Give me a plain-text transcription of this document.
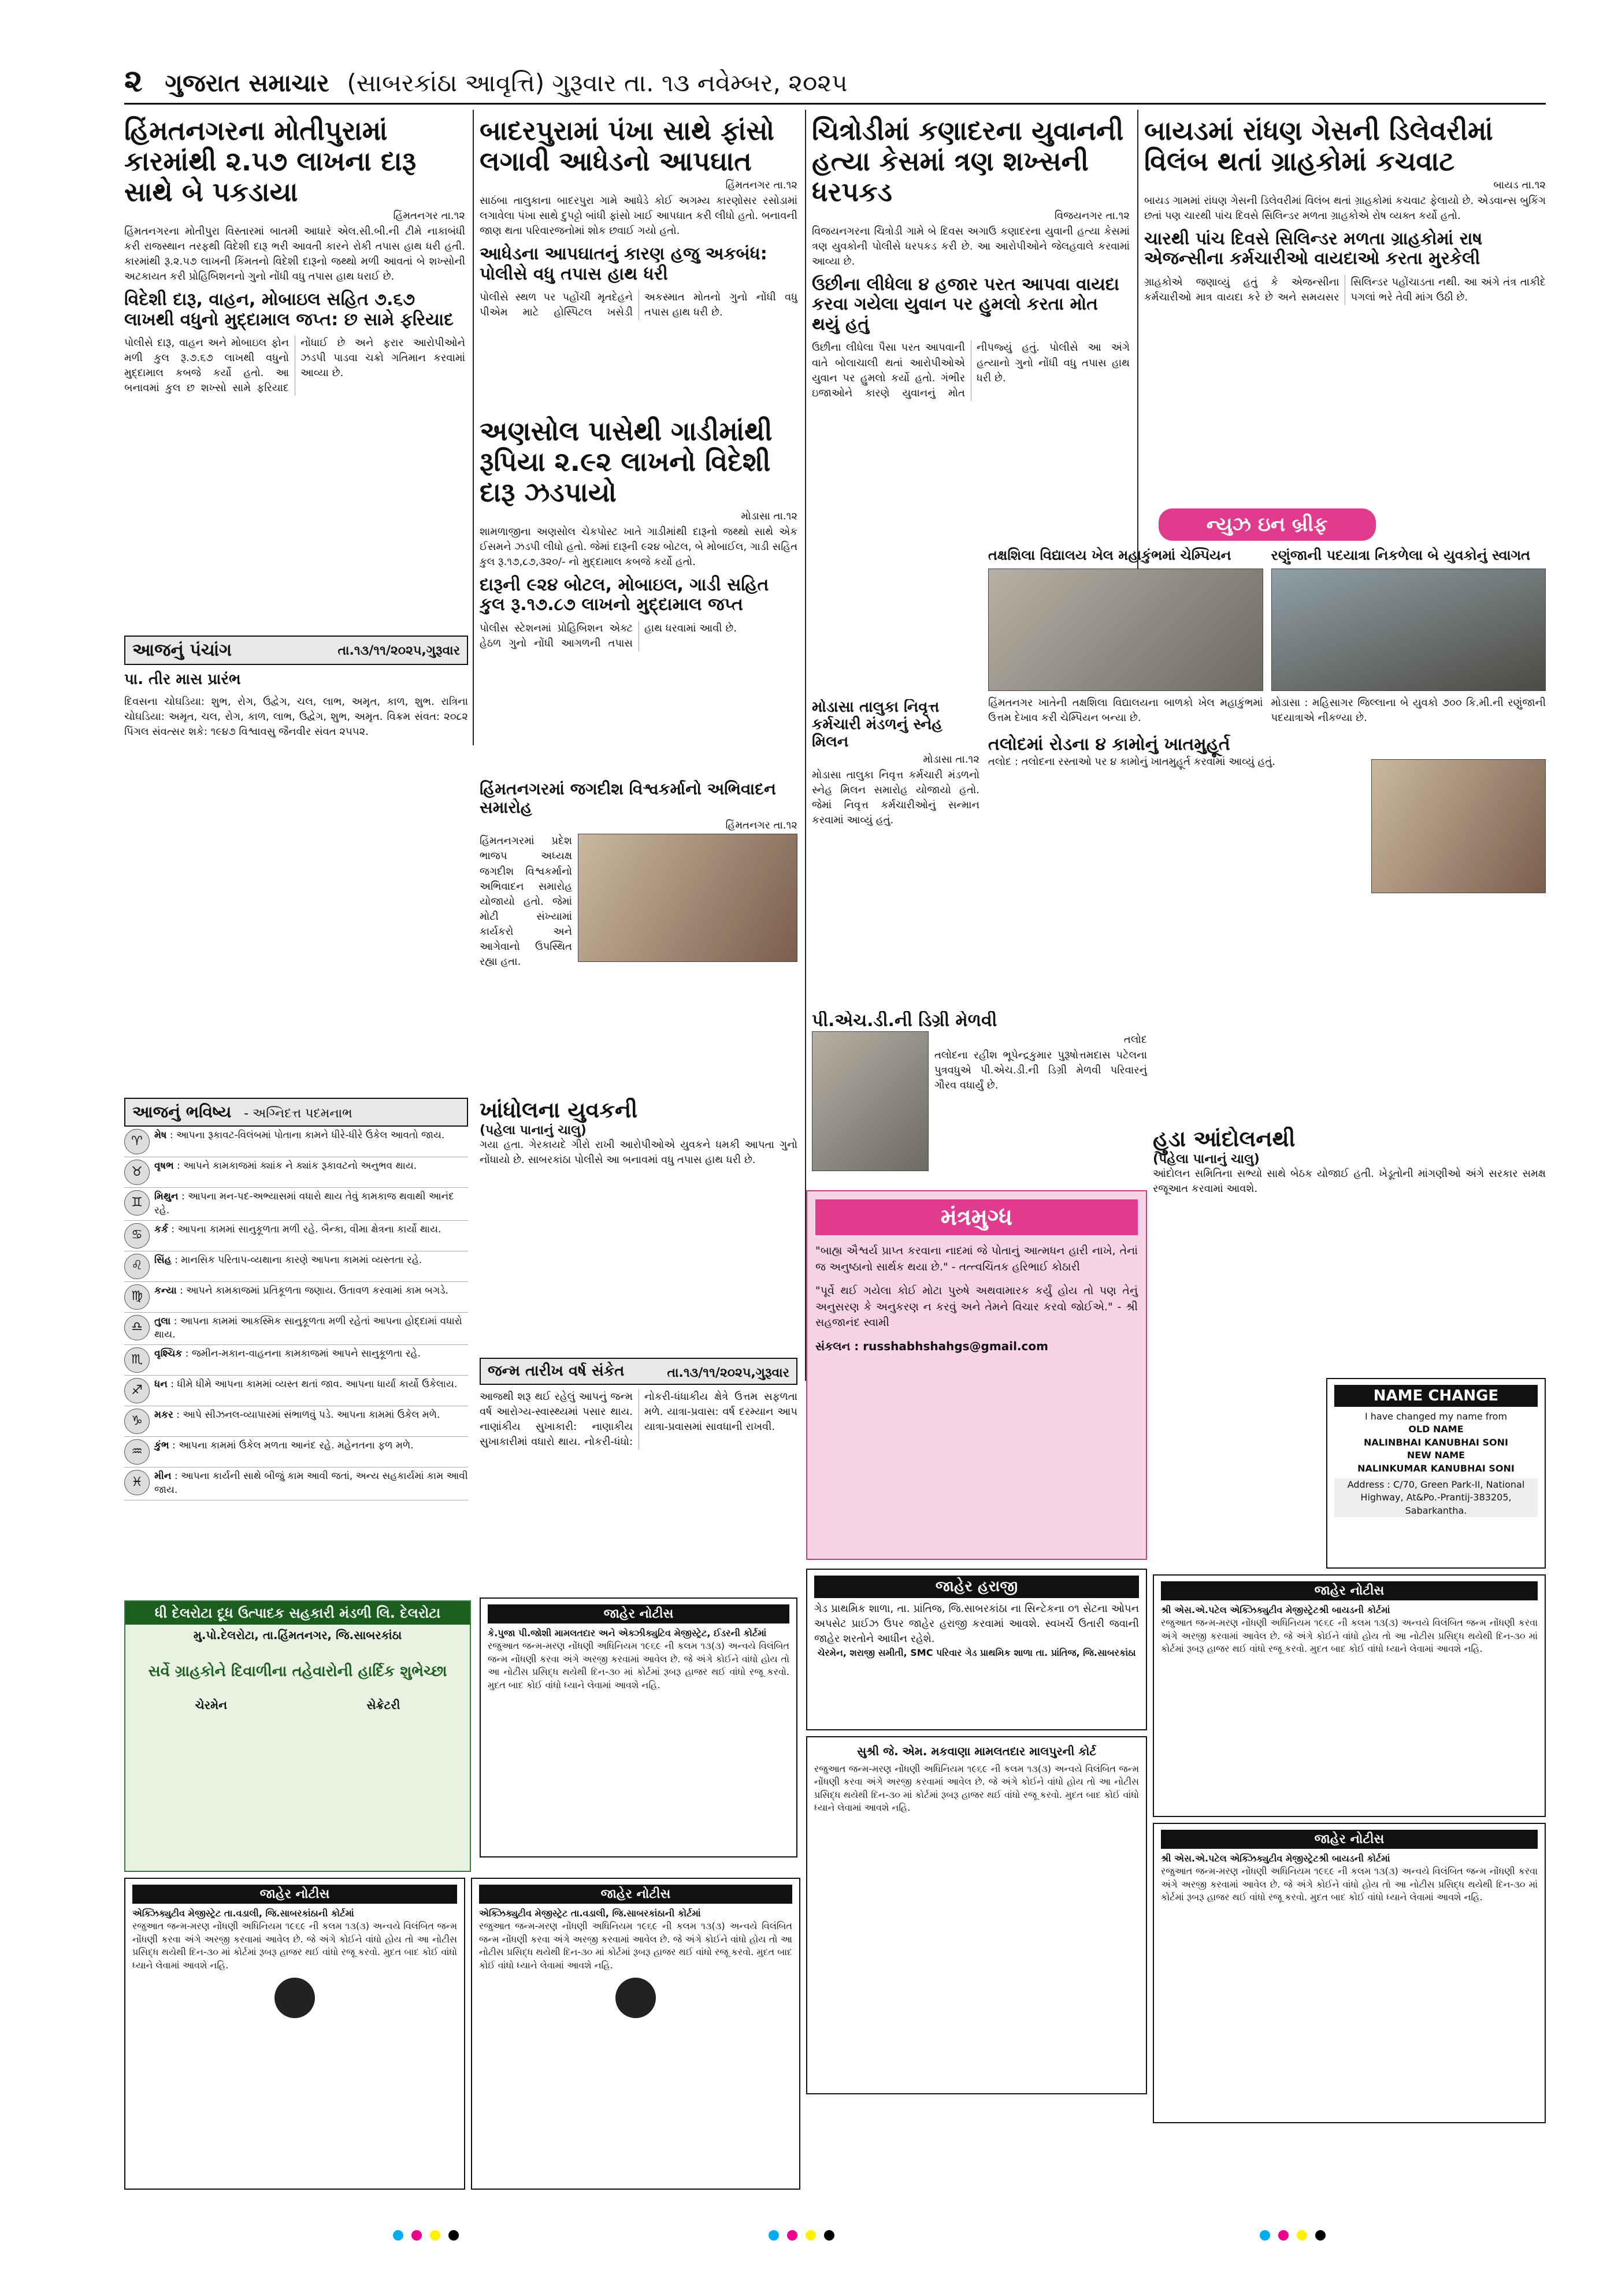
૨ ગુજરાત સમાચાર (સાબરકાંઠા આવૃત્તિ) ગુરૂવાર તા. ૧૩ નવેમ્બર, ૨૦૨૫
હિંમતનગરના મોતીપુરામાં કારમાંથી ૨.૫૭ લાખના દારૂ સાથે બે પકડાયા
હિંમતનગર તા.૧૨
હિંમતનગરના મોતીપુરા વિસ્તારમાં બાતમી આધારે એલ.સી.બી.ની ટીમે નાકાબંધી કરી રાજસ્થાન તરફથી વિદેશી દારૂ ભરી આવતી કારને રોકી તપાસ હાથ ધરી હતી. કારમાંથી રૂ.૨.૫૭ લાખની કિંમતનો વિદેશી દારૂનો જથ્થો મળી આવતાં બે શખ્સોની અટકાયત કરી પ્રોહિબિશનનો ગુનો નોંધી વધુ તપાસ હાથ ધરાઈ છે.
વિદેશી દારૂ, વાહન, મોબાઇલ સહિત ૭.૬૭ લાખથી વધુનો મુદ્દામાલ જપ્ત: છ સામે ફરિયાદ
પોલીસે દારૂ, વાહન અને મોબાઇલ ફોન મળી કુલ રૂ.૭.૬૭ લાખથી વધુનો મુદ્દામાલ કબજે કર્યો હતો. આ બનાવમાં કુલ છ શખ્સો સામે ફરિયાદ નોંધાઈ છે અને ફરાર આરોપીઓને ઝડપી પાડવા ચક્રો ગતિમાન કરવામાં આવ્યા છે.
બાદરપુરામાં પંખા સાથે ફાંસો લગાવી આધેડનો આપઘાત
હિંમતનગર તા.૧૨
સાઠંબા તાલુકાના બાદરપુરા ગામે આધેડે કોઈ અગમ્ય કારણોસર રસોડામાં લગાવેલા પંખા સાથે દુપટ્ટો બાંધી ફાંસો ખાઈ આપઘાત કરી લીધો હતો. બનાવની જાણ થતા પરિવારજનોમાં શોક છવાઈ ગયો હતો.
આધેડના આપઘાતનું કારણ હજુ અકબંધ: પોલીસે વધુ તપાસ હાથ ધરી
પોલીસે સ્થળ પર પહોંચી મૃતદેહને પીએમ માટે હોસ્પિટલ ખસેડી અકસ્માત મોતનો ગુનો નોંધી વધુ તપાસ હાથ ધરી છે.
ચિત્રોડીમાં કણાદરના યુવાનની હત્યા કેસમાં ત્રણ શખ્સની ધરપકડ
વિજયનગર તા.૧૨
વિજયનગરના ચિત્રોડી ગામે બે દિવસ અગાઉ કણાદરના યુવાની હત્યા કેસમાં ત્રણ યુવકોની પોલીસે ધરપકડ કરી છે. આ આરોપીઓને જેલહવાલે કરવામાં આવ્યા છે.
ઉછીના લીધેલા ૪ હજાર પરત આપવા વાયદા કરવા ગયેલા યુવાન પર હુમલો કરતા મોત થયું હતું
ઉછીના લીધેલા પૈસા પરત આપવાની વાતે બોલાચાલી થતાં આરોપીઓએ યુવાન પર હુમલો કર્યો હતો. ગંભીર ઇજાઓને કારણે યુવાનનું મોત નીપજ્યું હતું. પોલીસે આ અંગે હત્યાનો ગુનો નોંધી વધુ તપાસ હાથ ધરી છે.
બાયડમાં રાંધણ ગેસની ડિલેવરીમાં વિલંબ થતાં ગ્રાહકોમાં કચવાટ
બાયડ તા.૧૨
બાયડ ગામમાં રાંધણ ગેસની ડિલેવરીમાં વિલંબ થતાં ગ્રાહકોમાં કચવાટ ફેલાયો છે. એડવાન્સ બુકિંગ છતાં પણ ચારથી પાંચ દિવસે સિલિન્ડર મળતા ગ્રાહકોએ રોષ વ્યક્ત કર્યો હતો.
ચારથી પાંચ દિવસે સિલિન્ડર મળતા ગ્રાહકોમાં રાષ એજન્સીના કર્મચારીઓ વાયદાઓ કરતા મુરકેલી
ગ્રાહકોએ જણાવ્યું હતું કે એજન્સીના કર્મચારીઓ માત્ર વાયદા કરે છે અને સમયસર સિલિન્ડર પહોંચાડતા નથી. આ અંગે તંત્ર તાકીદે પગલાં ભરે તેવી માંગ ઉઠી છે.
ન્યુઝ ઇન બ્રીફ
તક્ષશિલા વિદ્યાલય ખેલ મહાકુંભમાં ચેમ્પિયન
હિંમતનગર ખાતેની તક્ષશિલા વિદ્યાલયના બાળકો ખેલ મહાકુંભમાં ઉત્તમ દેખાવ કરી ચેમ્પિયન બન્યા છે.
રણુંજાની પદયાત્રા નિકળેલા બે યુવકોનું સ્વાગત
મોડાસા : મહિસાગર જિલ્લાના બે યુવકો ૭૦૦ કિ.મી.ની રણુંજાની પદયાત્રાએ નીકળ્યા છે.
તલોદમાં રોડના ૪ કામોનું ખાતમુહૂર્ત
તલોદ : તલોદના રસ્તાઓ પર ૪ કામોનું ખાતમુહૂર્ત કરવામાં આવ્યું હતું.
અણસોલ પાસેથી ગાડીમાંથી રૂપિયા ૨.૯૨ લાખનો વિદેશી દારૂ ઝડપાયો
મોડાસા તા.૧૨
શામળાજીના અણસોલ ચેકપોસ્ટ ખાતે ગાડીમાંથી દારૂનો જથ્થો સાથે એક ઈસમને ઝડપી લીધો હતો. જેમાં દારૂની ૯૨૪ બોટલ, બે મોબાઈલ, ગાડી સહિત કુલ રૂ.૧૭,૮૭,૩૨૦/- નો મુદ્દામાલ કબજે કર્યો હતો.
દારૂની ૯૨૪ બોટલ, મોબાઇલ, ગાડી સહિત કુલ રૂ.૧૭.૮૭ લાખનો મુદ્દામાલ જપ્ત
પોલીસ સ્ટેશનમાં પ્રોહિબિશન એક્ટ હેઠળ ગુનો નોંધી આગળની તપાસ હાથ ધરવામાં આવી છે.
આજનું પંચાંગ	તા.૧૩/૧૧/૨૦૨૫,ગુરૂવાર
પા. તીર માસ પ્રારંભ
દિવસના ચોઘડિયા: શુભ, રોગ, ઉદ્વેગ, ચલ, લાભ, અમૃત, કાળ, શુભ. રાત્રિના ચોઘડિયા: અમૃત, ચલ, રોગ, કાળ, લાભ, ઉદ્વેગ, શુભ, અમૃત. વિક્રમ સંવત: ૨૦૮૨ પિંગલ સંવત્સર શકે: ૧૯૪૭ વિશ્વાવસુ જૈનવીર સંવત ૨૫૫૨.
હિંમતનગરમાં જગદીશ વિશ્વકર્માનો અભિવાદન સમારોહ
હિંમતનગર તા.૧૨
હિંમતનગરમાં પ્રદેશ ભાજપ અધ્યક્ષ જગદીશ વિશ્વકર્માનો અભિવાદન સમારોહ યોજાયો હતો. જેમાં મોટી સંખ્યામાં કાર્યકરો અને આગેવાનો ઉપસ્થિત રહ્યા હતા.
મોડાસા તાલુકા નિવૃત્ત કર્મચારી મંડળનું સ્નેહ મિલન
મોડાસા તા.૧૨
મોડાસા તાલુકા નિવૃત્ત કર્મચારી મંડળનો સ્નેહ મિલન સમારોહ યોજાયો હતો. જેમાં નિવૃત્ત કર્મચારીઓનું સન્માન કરવામાં આવ્યું હતું.
પી.એચ.ડી.ની ડિગ્રી મેળવી
તલોદ
તલોદના રહીશ ભૂપેન્દ્રકુમાર પુરૂષોત્તમદાસ પટેલના પુત્રવધુએ પી.એચ.ડી.ની ડિગ્રી મેળવી પરિવારનું ગૌરવ વધાર્યું છે.
આજનું ભવિષ્ય - અગ્નિદત્ત પદમનાભ
♈	મેષ : આપના રૂકાવટ-વિલંબમાં પોતાના કામને ધીરે-ધીરે ઉકેલ આવતો જાય.
♉	વૃષભ : આપને કામકાજમાં ક્યાંક ને ક્યાંક રૂકાવટનો અનુભવ થાય.
♊	મિથુન : આપના મન-પદ-અભ્યાસમાં વધારો થાય તેવું કામકાજ થવાથી આનંદ રહે.
♋	કર્ક : આપના કામમાં સાનુકૂળતા મળી રહે. બૈન્કા, વીમા ક્ષેત્રના કાર્યો થાય.
♌	સિંહ : માનસિક પરિતાપ-વ્યથાના કારણે આપના કામમાં વ્યસ્તતા રહે.
♍	કન્યા : આપને કામકાજમાં પ્રતિકૂળતા જણાય. ઉતાવળ કરવામાં કામ બગડે.
♎	તુલા : આપના કામમાં આકસ્મિક સાનુકૂળતા મળી રહેતાં આપના હોદ્દામાં વધારો થાય.
♏	વૃશ્ચિક : જમીન-મકાન-વાહનના કામકાજમાં આપને સાનુકૂળતા રહે.
♐	ધન : ધીમે ધીમે આપના કામમાં વ્યસ્ત થતાં જાવ. આપના ધાર્યા કાર્યો ઉકેલાય.
♑	મકર : આપે સીઝનલ-વ્યાપારમાં સંભાળવું પડે. આપના કામમાં ઉકેલ મળે.
♒	કુંભ : આપના કામમાં ઉકેલ મળતા આનંદ રહે. મહેનતના ફળ મળે.
♓	મીન : આપના કાર્યની સાથે બીજું કામ આવી જતાં, અન્ય સહકાર્યમાં કામ આવી જાય.
ખાંધોલના યુવકની
(પહેલા પાનાનું ચાલુ)
ગયા હતા. ગેરકાયદે ગીરો રાખી આરોપીઓએ યુવકને ધમકી આપતા ગુનો નોંધાયો છે. સાબરકાંઠા પોલીસે આ બનાવમાં વધુ તપાસ હાથ ધરી છે.
મંત્રમુગ્ધ
"બાહ્ય ઐશ્વર્ય પ્રાપ્ત કરવાના નાદમાં જે પોતાનું આત્મધન હારી નાખે, તેનાં જ અનુષ્ઠાનો સાર્થક થયા છે." - તત્ત્વચિંતક હરિભાઈ કોઠારી
"પૂર્વે થઈ ગયેલા કોઈ મોટા પુરુષે અથવામારક કર્યું હોય તો પણ તેનું અનુસરણ કે અનુકરણ ન કરવું અને તેમને વિચાર કરવો જોઈએ." - શ્રી સહજાનંદ સ્વામી
સંકલન : russhabhshahgs@gmail.com
હુડા આંદોલનથી
(પહેલા પાનાનું ચાલુ)
આંદોલન સમિતિના સભ્યો સાથે બેઠક યોજાઈ હતી. ખેડૂતોની માંગણીઓ અંગે સરકાર સમક્ષ રજૂઆત કરવામાં આવશે.
જન્મ તારીખ વર્ષ સંકેત	તા.૧૩/૧૧/૨૦૨૫,ગુરૂવાર
આજથી શરૂ થઈ રહેલું આપનું જન્મ વર્ષ આરોગ્ય-સ્વાસ્થ્યમાં પસાર થાય. નાણાંકીય સુખાકારી: નાણાકીય સુખાકારીમાં વધારો થાય. નોકરી-ધંધો: નોકરી-ધંધાકીય ક્ષેત્રે ઉત્તમ સફળતા મળે. યાત્રા-પ્રવાસ: વર્ષ દરમ્યાન આપ યાત્રા-પ્રવાસમાં સાવધાની રાખવી.
NAME CHANGE
I have changed my name from
OLD NAME
NALINBHAI KANUBHAI SONI
NEW NAME
NALINKUMAR KANUBHAI SONI
Address : C/70, Green Park-II, National Highway, At&Po.-Prantij-383205, Sabarkantha.
જાહેર હરાજી
ગેડ પ્રાથમિક શાળા, તા. પ્રાંતિજ, જિ.સાબરકાંઠા ના સિન્ટેકના ૦૧ સેટના ઓપન અપસેટ પ્રાઈઝ ઉપર જાહેર હરાજી કરવામાં આવશે. સ્વખર્ચે ઉતારી જવાની જાહેર શરતોને આધીન રહેશે.
ચેરમેન, શરાજી સમીતી, SMC પરિવાર ગેડ પ્રાથમિક શાળા તા. પ્રાંતિજ, જિ.સાબરકાંઠા
જાહેર નોટીસ
શ્રી એસ.એ.પટેલ એક્ઝિક્યુટીવ મેજીસ્ટ્રેટશ્રી બાયડની કોર્ટમાં
રજુઆત જન્મ-મરણ નોંધણી અધિનિયમ ૧૯૬૯ ની કલમ ૧૩(૩) અન્વયે વિલંબિત જન્મ નોંધણી કરવા અંગે અરજી કરવામાં આવેલ છે. જે અંગે કોઈને વાંધો હોય તો આ નોટીસ પ્રસિદ્ધ થયેથી દિન-૩૦ માં કોર્ટમાં રૂબરૂ હાજર થઈ વાંધો રજૂ કરવો. મુદત બાદ કોઈ વાંધો ધ્યાને લેવામાં આવશે નહિ.
સુશ્રી જે. એમ. મકવાણા મામલતદાર માલપુરની કોર્ટ
રજુઆત જન્મ-મરણ નોંધણી અધિનિયમ ૧૯૬૯ ની કલમ ૧૩(૩) અન્વયે વિલંબિત જન્મ નોંધણી કરવા અંગે અરજી કરવામાં આવેલ છે. જે અંગે કોઈને વાંધો હોય તો આ નોટીસ પ્રસિદ્ધ થયેથી દિન-૩૦ માં કોર્ટમાં રૂબરૂ હાજર થઈ વાંધો રજૂ કરવો. મુદત બાદ કોઈ વાંધો ધ્યાને લેવામાં આવશે નહિ.
જાહેર નોટીસ
શ્રી એસ.એ.પટેલ એક્ઝિક્યુટીવ મેજીસ્ટ્રેટશ્રી બાયડની કોર્ટમાં
રજુઆત જન્મ-મરણ નોંધણી અધિનિયમ ૧૯૬૯ ની કલમ ૧૩(૩) અન્વયે વિલંબિત જન્મ નોંધણી કરવા અંગે અરજી કરવામાં આવેલ છે. જે અંગે કોઈને વાંધો હોય તો આ નોટીસ પ્રસિદ્ધ થયેથી દિન-૩૦ માં કોર્ટમાં રૂબરૂ હાજર થઈ વાંધો રજૂ કરવો. મુદત બાદ કોઈ વાંધો ધ્યાને લેવામાં આવશે નહિ.
જાહેર નોટીસ
કે.પુજા પી.જોશી મામલતદાર અને એક્ઝીક્યુટિવ મેજીસ્ટ્રેટ, ઈડરની કોર્ટમાં
રજુઆત જન્મ-મરણ નોંધણી અધિનિયમ ૧૯૬૯ ની કલમ ૧૩(૩) અન્વયે વિલંબિત જન્મ નોંધણી કરવા અંગે અરજી કરવામાં આવેલ છે. જે અંગે કોઈને વાંધો હોય તો આ નોટીસ પ્રસિદ્ધ થયેથી દિન-૩૦ માં કોર્ટમાં રૂબરૂ હાજર થઈ વાંધો રજૂ કરવો. મુદત બાદ કોઈ વાંધો ધ્યાને લેવામાં આવશે નહિ.
જાહેર નોટીસ
એક્ઝિક્યુટીવ મેજીસ્ટ્રેટ તા.વડાલી, જિ.સાબરકાંઠાની કોર્ટમાં
રજુઆત જન્મ-મરણ નોંધણી અધિનિયમ ૧૯૬૯ ની કલમ ૧૩(૩) અન્વયે વિલંબિત જન્મ નોંધણી કરવા અંગે અરજી કરવામાં આવેલ છે. જે અંગે કોઈને વાંધો હોય તો આ નોટીસ પ્રસિદ્ધ થયેથી દિન-૩૦ માં કોર્ટમાં રૂબરૂ હાજર થઈ વાંધો રજૂ કરવો. મુદત બાદ કોઈ વાંધો ધ્યાને લેવામાં આવશે નહિ.
જાહેર નોટીસ
એક્ઝિક્યુટીવ મેજીસ્ટ્રેટ તા.વડાલી, જિ.સાબરકાંઠાની કોર્ટમાં
રજુઆત જન્મ-મરણ નોંધણી અધિનિયમ ૧૯૬૯ ની કલમ ૧૩(૩) અન્વયે વિલંબિત જન્મ નોંધણી કરવા અંગે અરજી કરવામાં આવેલ છે. જે અંગે કોઈને વાંધો હોય તો આ નોટીસ પ્રસિદ્ધ થયેથી દિન-૩૦ માં કોર્ટમાં રૂબરૂ હાજર થઈ વાંધો રજૂ કરવો. મુદત બાદ કોઈ વાંધો ધ્યાને લેવામાં આવશે નહિ.
ધી દેલરોટા દૂધ ઉત્પાદક સહકારી મંડળી લિ. દેલરોટા
મુ.પો.દેલરોટા, તા.હિંમતનગર, જિ.સાબરકાંઠા
સર્વે ગ્રાહકોને દિવાળીના તહેવારોની હાર્દિક શુભેચ્છા
ચેરમેન	સેક્રેટરી
